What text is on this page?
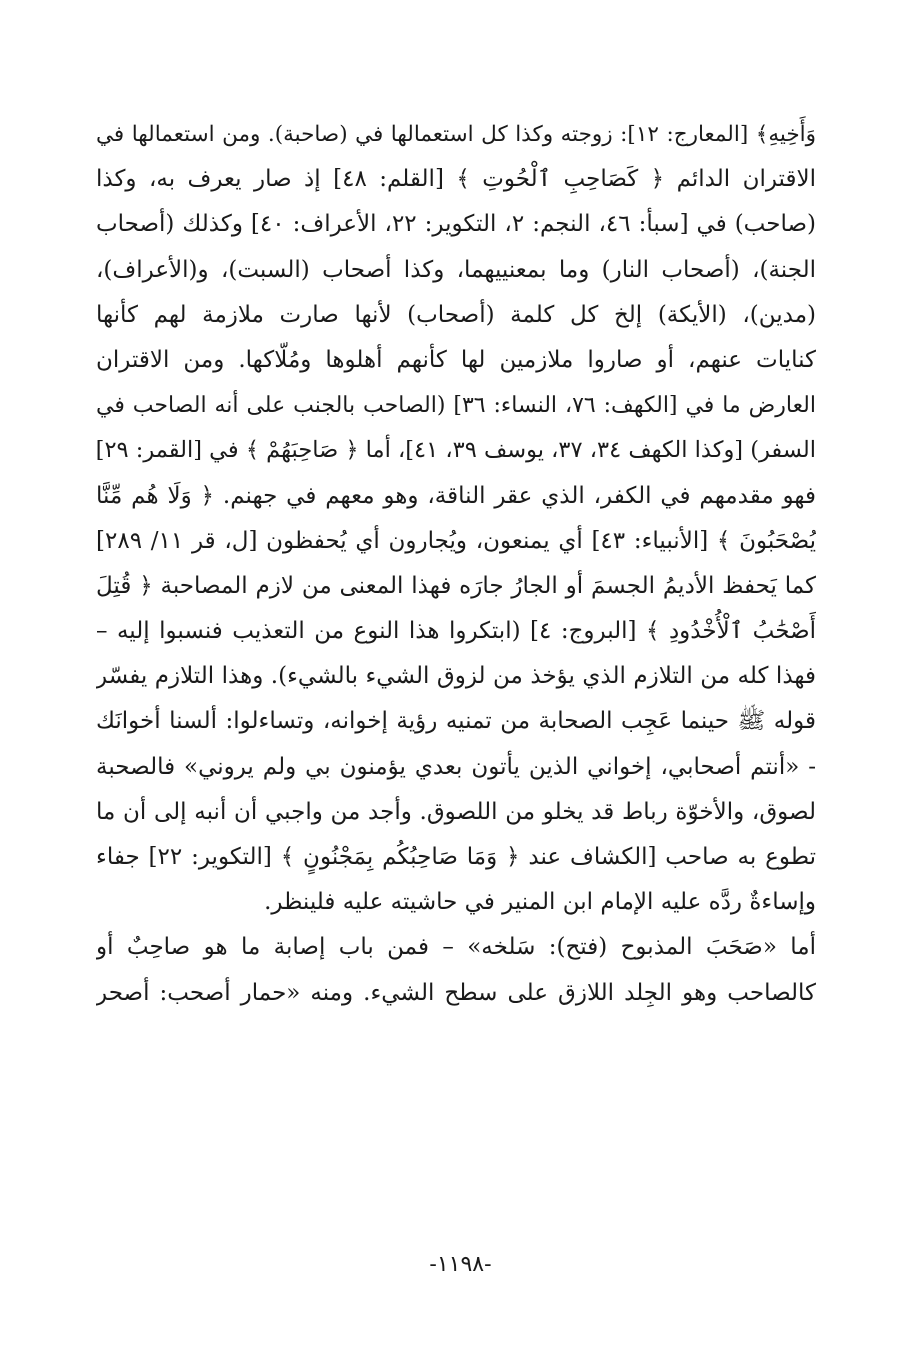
وَأَخِيهِ﴾ [المعارج: ١٢]: زوجته وكذا كل استعمالها في (صاحبة). ومن استعمالها في
الاقتران الدائم ﴿ كَصَاحِبِ ٱلْحُوتِ ﴾ [القلم: ٤٨] إذ صار يعرف به، وكذا
(صاحب) في [سبأ: ٤٦، النجم: ٢، التكوير: ٢٢، الأعراف: ٤٠] وكذلك (أصحاب
الجنة)، (أصحاب النار) وما بمعنييهما، وكذا أصحاب (السبت)، و(الأعراف)،
(مدين)، (الأيكة) إلخ كل كلمة (أصحاب) لأنها صارت ملازمة لهم كأنها
كنايات عنهم، أو صاروا ملازمين لها كأنهم أهلوها ومُلّاكها. ومن الاقتران
العارض ما في [الكهف: ٧٦، النساء: ٣٦] (الصاحب بالجنب على أنه الصاحب في
السفر) [وكذا الكهف ٣٤، ٣٧، يوسف ٣٩، ٤١]، أما ﴿ صَاحِبَهُمْ ﴾ في [القمر: ٢٩]
فهو مقدمهم في الكفر، الذي عقر الناقة، وهو معهم في جهنم. ﴿ وَلَا هُم مِّنَّا
يُصْحَبُونَ ﴾ [الأنبياء: ٤٣] أي يمنعون، ويُجارون أي يُحفظون [ل، قر ١١/ ٢٨٩]
كما يَحفظ الأديمُ الجسمَ أو الجارُ جارَه فهذا المعنى من لازم المصاحبة ﴿ قُتِلَ
أَصْحَٰبُ ٱلْأُخْدُودِ ﴾ [البروج: ٤] (ابتكروا هذا النوع من التعذيب فنسبوا إليه –
فهذا كله من التلازم الذي يؤخذ من لزوق الشيء بالشيء). وهذا التلازم يفسّر
قوله ﷺ حينما عَجِب الصحابة من تمنيه رؤية إخوانه، وتساءلوا: ألسنا أخوانَك
- «أنتم أصحابي، إخواني الذين يأتون بعدي يؤمنون بي ولم يروني» فالصحبة
لصوق، والأخوّة رباط قد يخلو من اللصوق. وأجد من واجبي أن أنبه إلى أن ما
تطوع به صاحب [الكشاف عند ﴿ وَمَا صَاحِبُكُم بِمَجْنُونٍ ﴾ [التكوير: ٢٢] جفاء
وإساءةٌ ردَّه عليه الإمام ابن المنير في حاشيته عليه فلينظر.
أما «صَحَبَ المذبوح (فتح): سَلخه» – فمن باب إصابة ما هو صاحِبٌ أو
كالصاحب وهو الجِلد اللازق على سطح الشيء. ومنه «حمار أصحب: أصحر
-١١٩٨-
